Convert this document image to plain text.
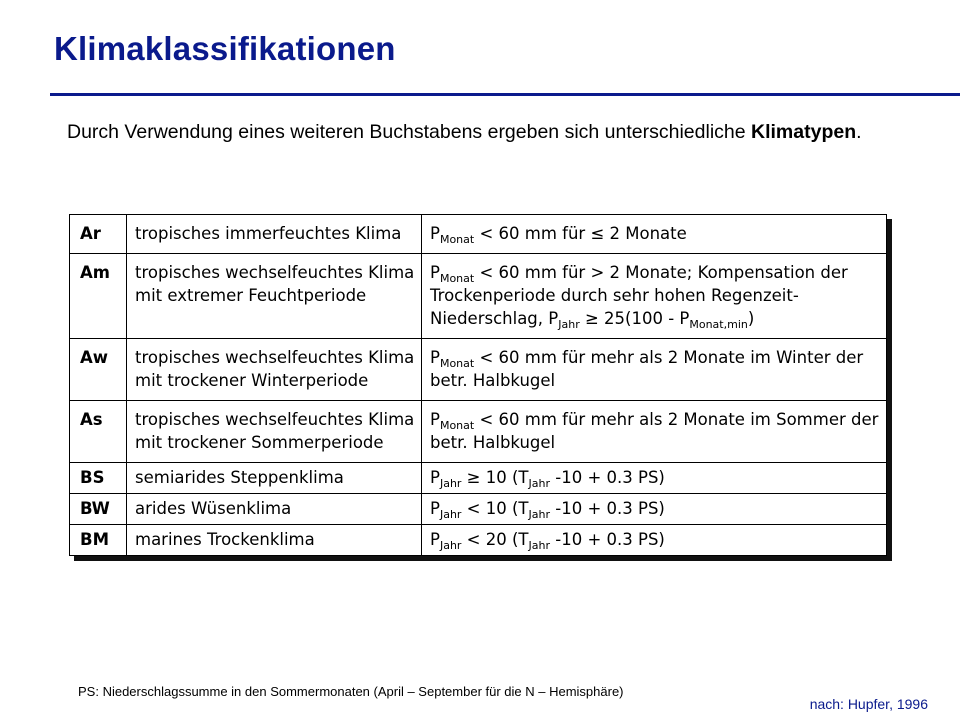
Klimaklassifikationen

Durch Verwendung eines weiteren Buchstabens ergeben sich unterschiedliche Klimatypen.

Ar	tropisches immerfeuchtes Klima	$P_{Monat} < 60$ mm für ≤ 2 Monate
Am	tropisches wechselfeuchtes Klima mit extremer Feuchtperiode	$P_{Monat} < 60$ mm für > 2 Monate; Kompensation der Trockenperiode durch sehr hohen Regenzeit-Niederschlag, $P_{Jahr} \ge 25(100 - P_{Monat,min})$
Aw	tropisches wechselfeuchtes Klima mit trockener Winterperiode	$P_{Monat} < 60$ mm für mehr als 2 Monate im Winter der betr. Halbkugel
As	tropisches wechselfeuchtes Klima mit trockener Sommerperiode	$P_{Monat} < 60$ mm für mehr als 2 Monate im Sommer der betr. Halbkugel
BS	semiarides Steppenklima	$P_{Jahr} \ge 10$ ($T_{Jahr}$ -10 + 0.3 PS)
BW	arides Wüsenklima	$P_{Jahr} < 10$ ($T_{Jahr}$ -10 + 0.3 PS)
BM	marines Trockenklima	$P_{Jahr} < 20$ ($T_{Jahr}$ -10 + 0.3 PS)
PS: Niederschlagssumme in den Sommermonaten (April – September für die N – Hemisphäre)
nach: Hupfer, 1996
